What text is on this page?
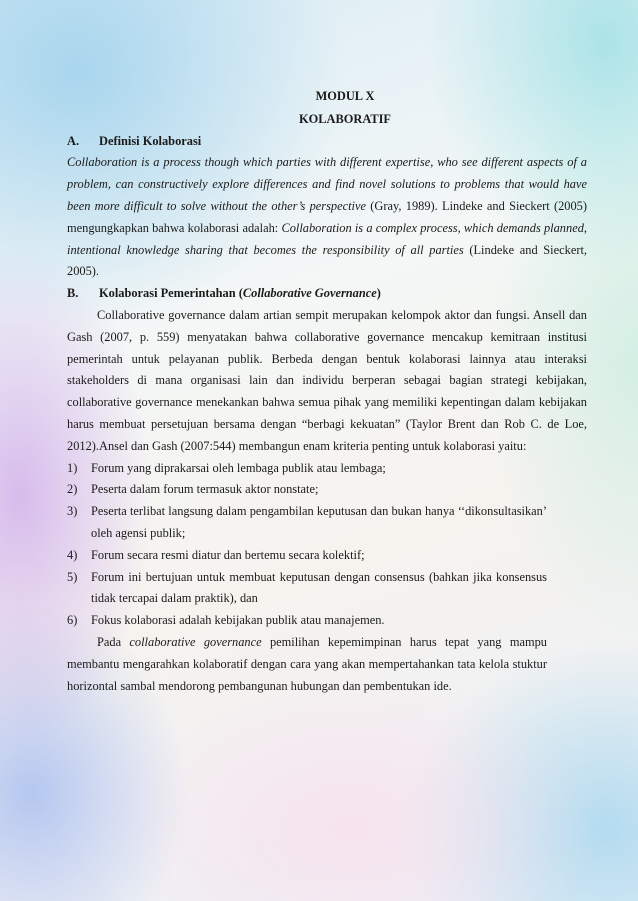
MODUL X

KOLABORATIF

A.	Definisi Kolaborasi

Collaboration is a process though which parties with different expertise, who see different aspects of a problem, can constructively explore differences and find novel solutions to problems that would have been more difficult to solve without the other’s perspective (Gray, 1989). Lindeke and Sieckert (2005) mengungkapkan bahwa kolaborasi adalah: Collaboration is a complex process, which demands planned, intentional knowledge sharing that becomes the responsibility of all parties (Lindeke and Sieckert, 2005).

B.	Kolaborasi Pemerintahan (Collaborative Governance)

Collaborative governance dalam artian sempit merupakan kelompok aktor dan fungsi. Ansell dan Gash (2007, p. 559) menyatakan bahwa collaborative governance mencakup kemitraan institusi pemerintah untuk pelayanan publik. Berbeda dengan bentuk kolaborasi lainnya atau interaksi stakeholders di mana organisasi lain dan individu berperan sebagai bagian strategi kebijakan, collaborative governance menekankan bahwa semua pihak yang memiliki kepentingan dalam kebijakan harus membuat persetujuan bersama dengan “berbagi kekuatan” (Taylor Brent dan Rob C. de Loe, 2012).Ansel dan Gash (2007:544) membangun enam kriteria penting untuk kolaborasi yaitu:

1)	Forum yang diprakarsai oleh lembaga publik atau lembaga;
2)	Peserta dalam forum termasuk aktor nonstate;
3)	Peserta terlibat langsung dalam pengambilan keputusan dan bukan hanya ‘‘dikonsultasikan’ oleh agensi publik;
4)	Forum secara resmi diatur dan bertemu secara kolektif;
5)	Forum ini bertujuan untuk membuat keputusan dengan consensus (bahkan jika konsensus tidak tercapai dalam praktik), dan
6)	Fokus kolaborasi adalah kebijakan publik atau manajemen.

Pada collaborative governance pemilihan kepemimpinan harus tepat yang mampu membantu mengarahkan kolaboratif dengan cara yang akan mempertahankan tata kelola stuktur horizontal sambal mendorong pembangunan hubungan dan pembentukan ide.
